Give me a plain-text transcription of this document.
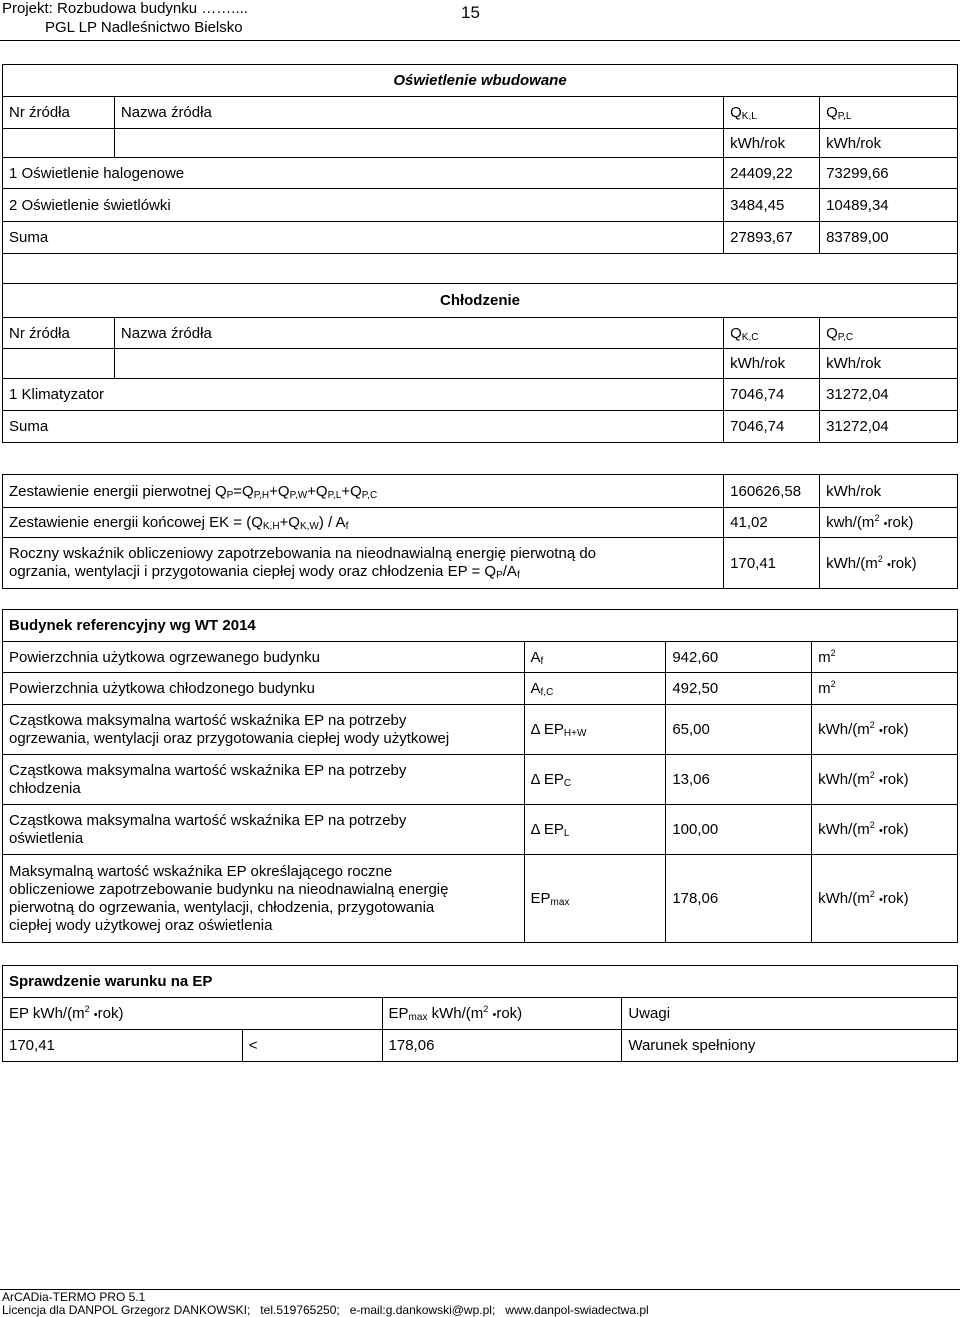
Projekt: Rozbudowa budynku ……....
PGL LP Nadleśnictwo Bielsko
15
Oświetlenie wbudowane			
Nr źródła	Nazwa źródła	$Q_{K,L}$	$Q_{P,L}$
		kWh/rok	kWh/rok
1 Oświetlenie halogenowe		24409,22	73299,66
2 Oświetlenie świetlówki		3484,45	10489,34
Suma		27893,67	83789,00

Chłodzenie			
Nr źródła	Nazwa źródła	$Q_{K,C}$	$Q_{P,C}$
		kWh/rok	kWh/rok
1 Klimatyzator		7046,74	31272,04
Suma		7046,74	31272,04
Zestawienie energii pierwotnej $Q_P=Q_{P,H}+Q_{P,W}+Q_{P,L}+Q_{P,C}$	160626,58	kWh/rok
Zestawienie energii końcowej EK = $(Q_{K,H}+Q_{K,W}) / A_f$	41,02	kwh/($m^2$ •rok)
Roczny wskaźnik obliczeniowy zapotrzebowania na nieodnawialną energię pierwotną do
ogrzania, wentylacji i przygotowania ciepłej wody oraz chłodzenia EP = $Q_P/A_f$	170,41	kWh/($m^2$ •rok)
Budynek referencyjny wg WT 2014			
Powierzchnia użytkowa ogrzewanego budynku	$A_f$	942,60	$m^2$
Powierzchnia użytkowa chłodzonego budynku	$A_{f,C}$	492,50	$m^2$
Cząstkowa maksymalna wartość wskaźnika EP na potrzeby
ogrzewania, wentylacji oraz przygotowania ciepłej wody użytkowej	Δ $EP_{H+W}$	65,00	kWh/($m^2$ •rok)
Cząstkowa maksymalna wartość wskaźnika EP na potrzeby
chłodzenia	Δ $EP_C$	13,06	kWh/($m^2$ •rok)
Cząstkowa maksymalna wartość wskaźnika EP na potrzeby
oświetlenia	Δ $EP_L$	100,00	kWh/($m^2$ •rok)
Maksymalną wartość wskaźnika EP określającego roczne
obliczeniowe zapotrzebowanie budynku na nieodnawialną energię
pierwotną do ogrzewania, wentylacji, chłodzenia, przygotowania
ciepłej wody użytkowej oraz oświetlenia	$EP_{max}$	178,06	kWh/($m^2$ •rok)
Sprawdzenie warunku na EP			
EP kWh/($m^2$ •rok)		$EP_{max}$ kWh/($m^2$ •rok)	Uwagi
170,41	<	178,06	Warunek spełniony
ArCADia-TERMO PRO 5.1
Licencja dla DANPOL Grzegorz DANKOWSKI;   tel.519765250;   e-mail:g.dankowski@wp.pl;   www.danpol-swiadectwa.pl
